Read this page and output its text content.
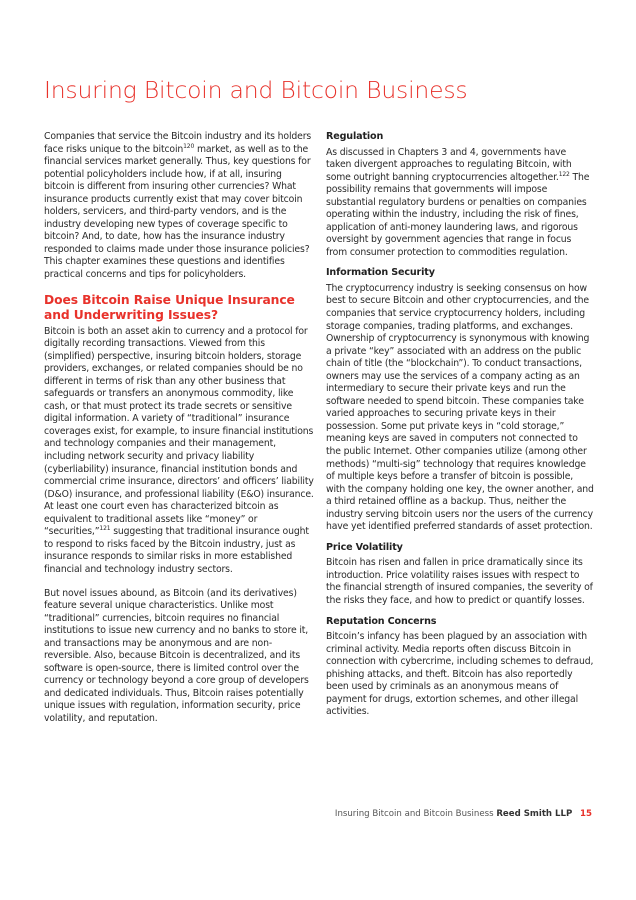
Insuring Bitcoin and Bitcoin Business

Companies that service the Bitcoin industry and its holders face risks unique to the bitcoin$^{120}$ market, as well as to the financial services market generally. Thus, key questions for potential policyholders include how, if at all, insuring bitcoin is different from insuring other currencies? What insurance products currently exist that may cover bitcoin holders, servicers, and third-party vendors, and is the industry developing new types of coverage specific to bitcoin? And, to date, how has the insurance industry responded to claims made under those insurance policies? This chapter examines these questions and identifies practical concerns and tips for policyholders.

Does Bitcoin Raise Unique Insurance and Underwriting Issues?

Bitcoin is both an asset akin to currency and a protocol for digitally recording transactions. Viewed from this (simplified) perspective, insuring bitcoin holders, storage providers, exchanges, or related companies should be no different in terms of risk than any other business that safeguards or transfers an anonymous commodity, like cash, or that must protect its trade secrets or sensitive digital information. A variety of “traditional” insurance coverages exist, for example, to insure financial institutions and technology companies and their management, including network security and privacy liability (cyberliability) insurance, financial institution bonds and commercial crime insurance, directors’ and officers’ liability (D&O) insurance, and professional liability (E&O) insurance. At least one court even has characterized bitcoin as equivalent to traditional assets like “money” or “securities,”$^{121}$ suggesting that traditional insurance ought to respond to risks faced by the Bitcoin industry, just as insurance responds to similar risks in more established financial and technology industry sectors.

But novel issues abound, as Bitcoin (and its derivatives) feature several unique characteristics. Unlike most “traditional” currencies, bitcoin requires no financial institutions to issue new currency and no banks to store it, and transactions may be anonymous and are non-reversible. Also, because Bitcoin is decentralized, and its software is open-source, there is limited control over the currency or technology beyond a core group of developers and dedicated individuals. Thus, Bitcoin raises potentially unique issues with regulation, information security, price volatility, and reputation.

Regulation

As discussed in Chapters 3 and 4, governments have taken divergent approaches to regulating Bitcoin, with some outright banning cryptocurrencies altogether.$^{122}$ The possibility remains that governments will impose substantial regulatory burdens or penalties on companies operating within the industry, including the risk of fines, application of anti-money laundering laws, and rigorous oversight by government agencies that range in focus from consumer protection to commodities regulation.

Information Security

The cryptocurrency industry is seeking consensus on how best to secure Bitcoin and other cryptocurrencies, and the companies that service cryptocurrency holders, including storage companies, trading platforms, and exchanges. Ownership of cryptocurrency is synonymous with knowing a private “key” associated with an address on the public chain of title (the “blockchain”). To conduct transactions, owners may use the services of a company acting as an intermediary to secure their private keys and run the software needed to spend bitcoin. These companies take varied approaches to securing private keys in their possession. Some put private keys in “cold storage,” meaning keys are saved in computers not connected to the public Internet. Other companies utilize (among other methods) “multi-sig” technology that requires knowledge of multiple keys before a transfer of bitcoin is possible, with the company holding one key, the owner another, and a third retained offline as a backup. Thus, neither the industry serving bitcoin users nor the users of the currency have yet identified preferred standards of asset protection.

Price Volatility

Bitcoin has risen and fallen in price dramatically since its introduction. Price volatility raises issues with respect to the financial strength of insured companies, the severity of the risks they face, and how to predict or quantify losses.

Reputation Concerns

Bitcoin’s infancy has been plagued by an association with criminal activity. Media reports often discuss Bitcoin in connection with cybercrime, including schemes to defraud, phishing attacks, and theft. Bitcoin has also reportedly been used by criminals as an anonymous means of payment for drugs, extortion schemes, and other illegal activities.

Insuring Bitcoin and Bitcoin Business Reed Smith LLP 15
